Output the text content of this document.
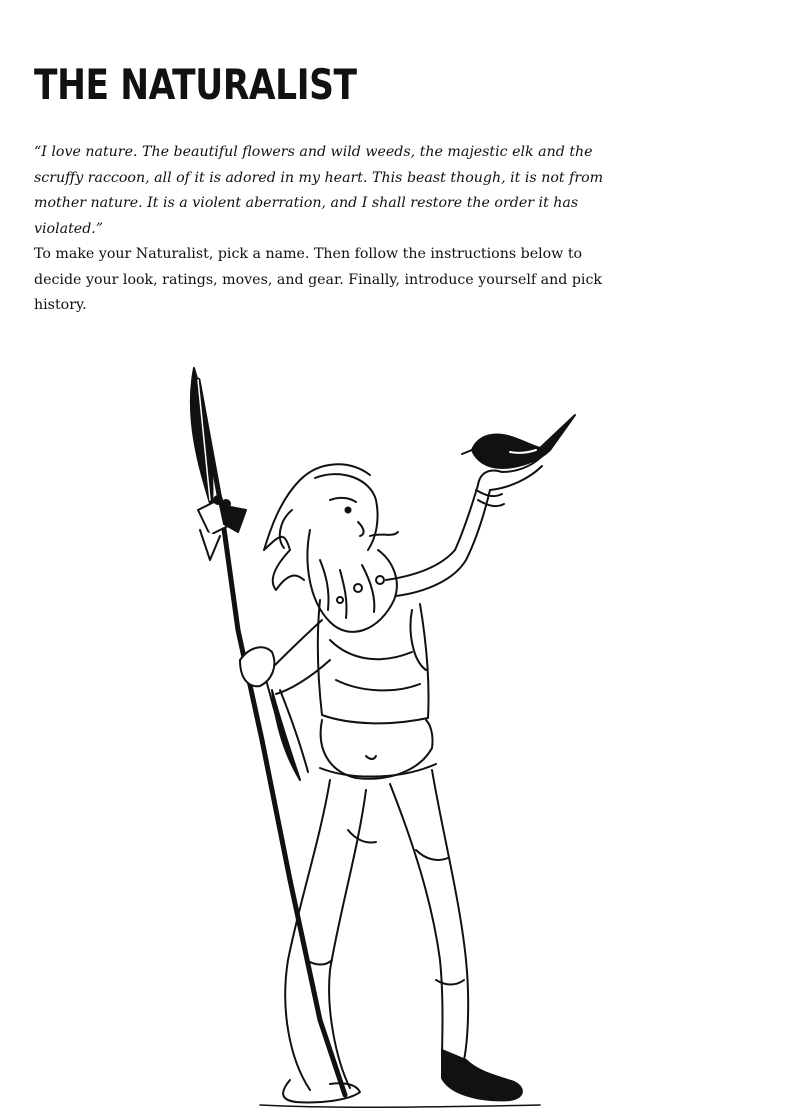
THE NATURALIST

“I love nature. The beautiful flowers and wild weeds, the majestic elk and the scruffy raccoon, all of it is adored in my heart. This beast though, it is not from mother nature. It is a violent aberration, and I shall restore the order it has violated.”

To make your Naturalist, pick a name. Then follow the instructions below to decide your look, ratings, moves, and gear. Finally, introduce yourself and pick history.
